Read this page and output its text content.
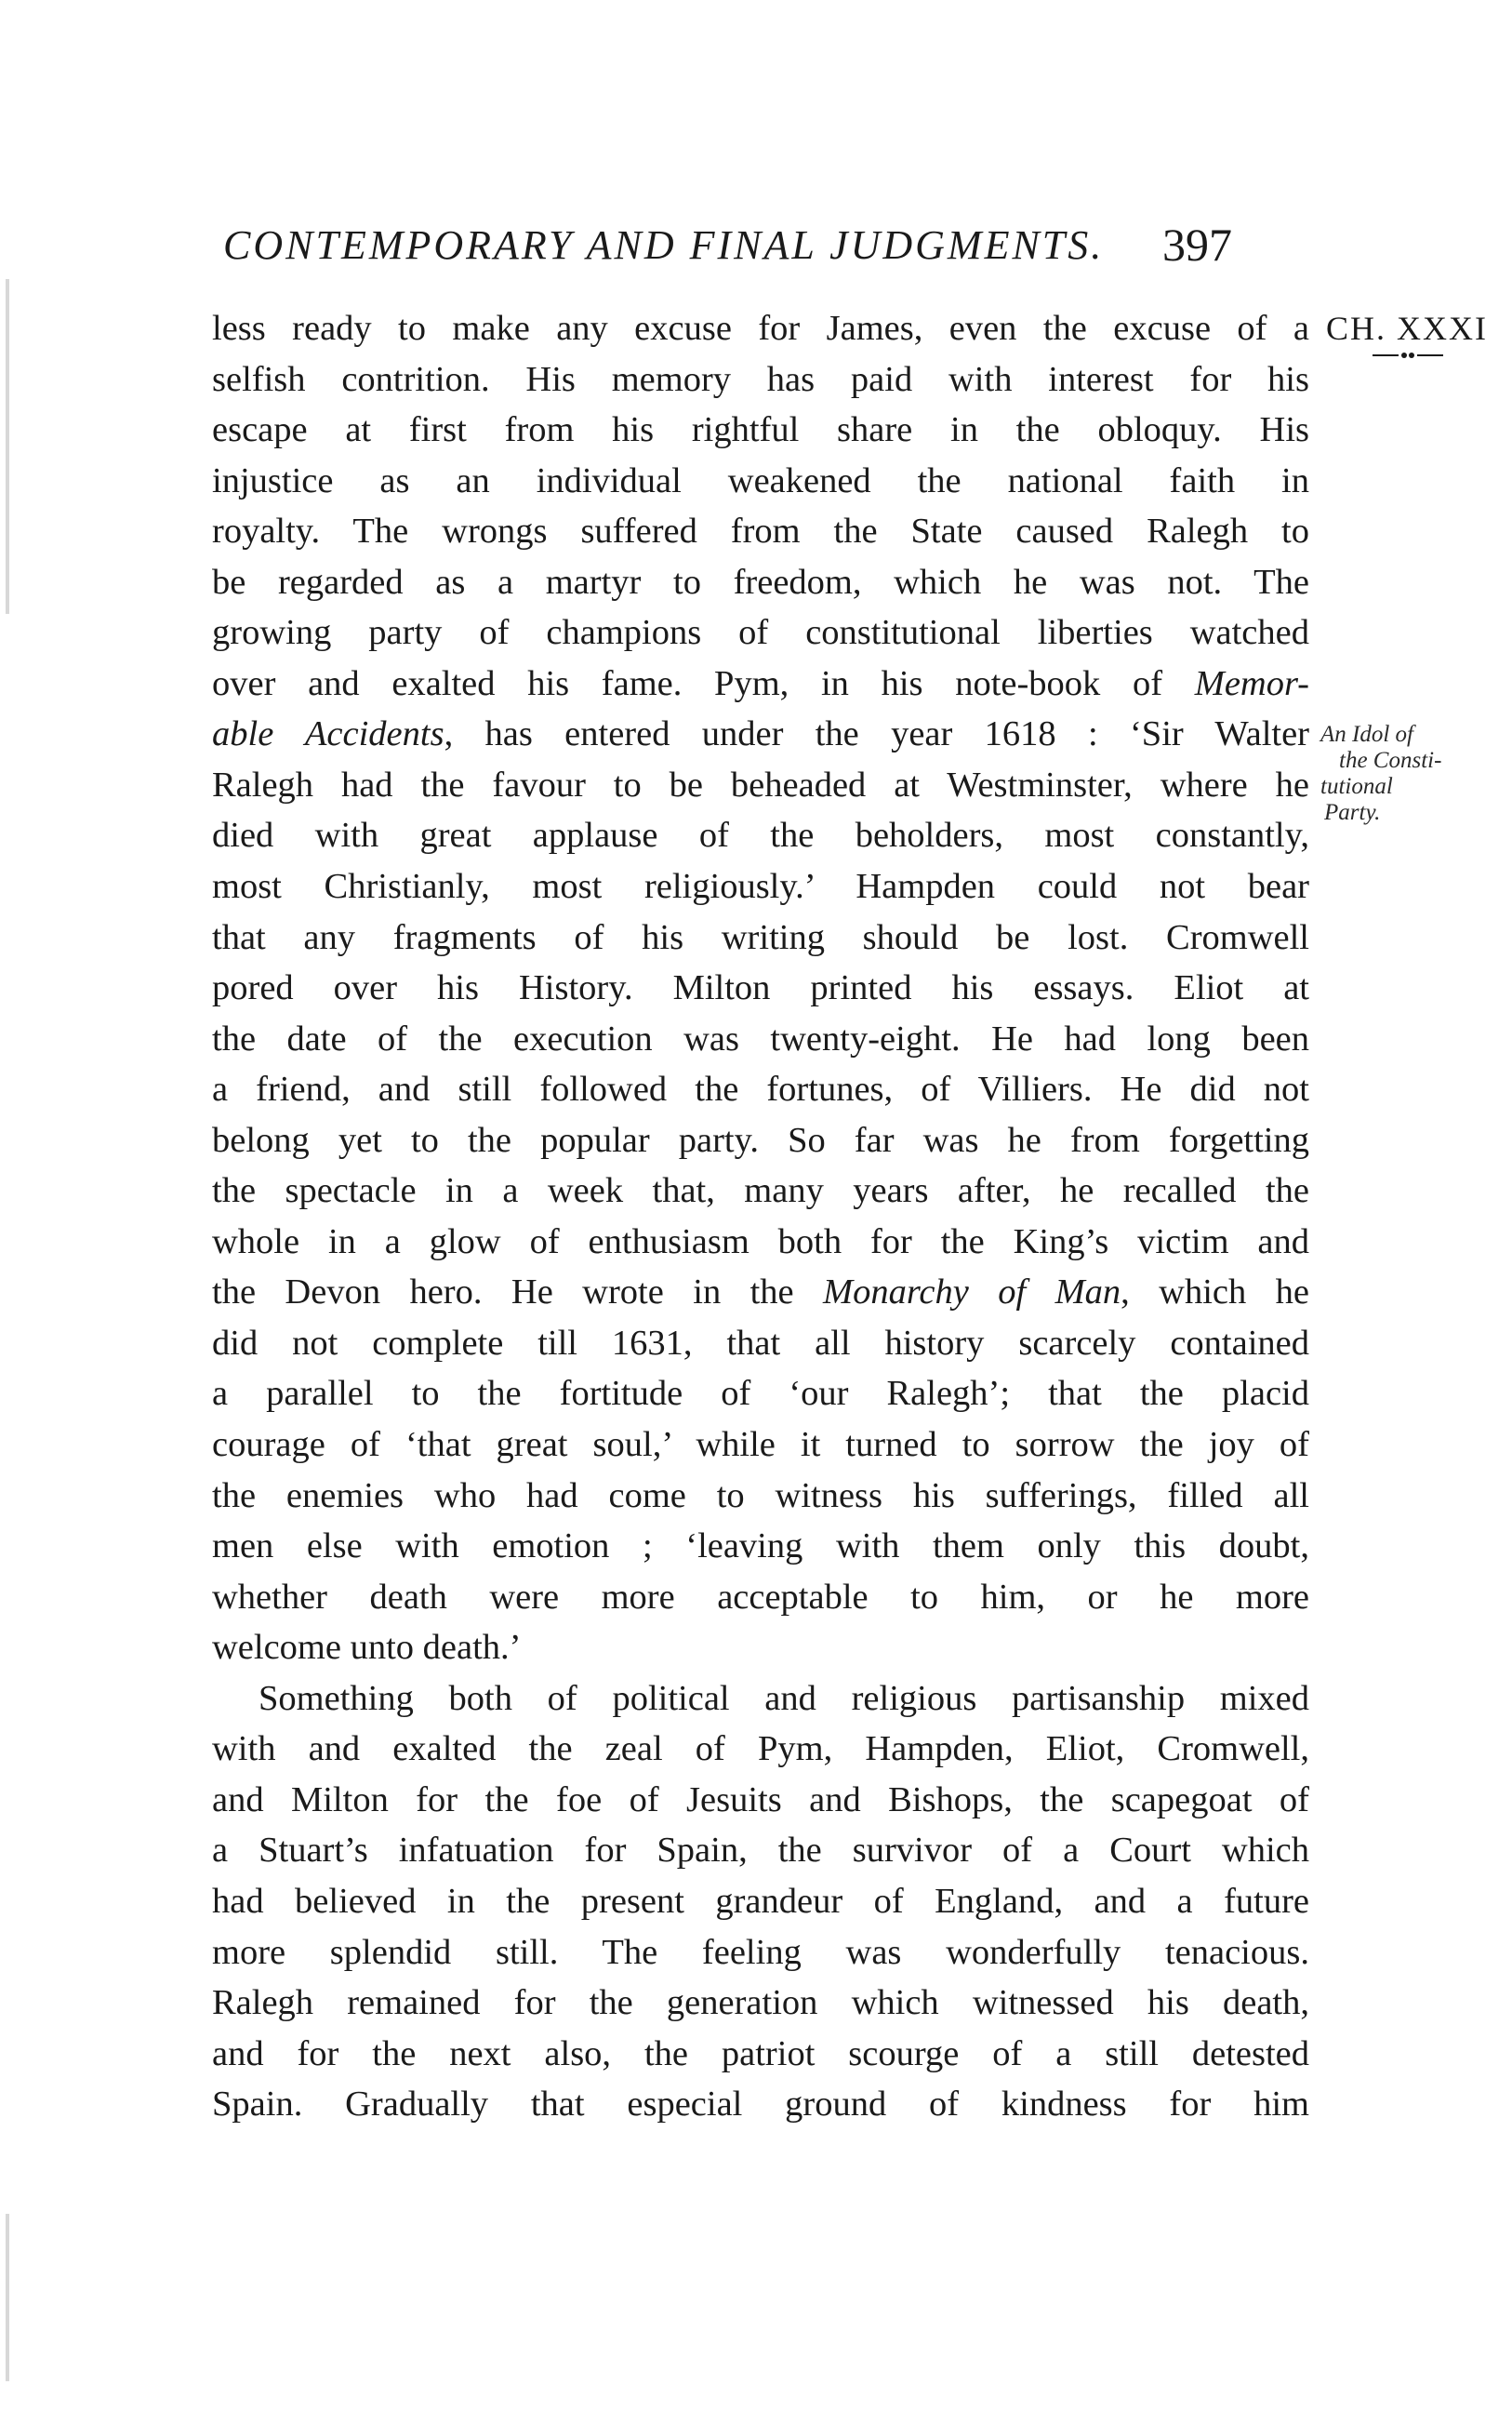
CONTEMPORARY AND FINAL JUDGMENTS. 397
CH. XXXI
An Idol of
the Consti-
tutional
Party.
less ready to make any excuse for James, even the excuse of a
selfish contrition. His memory has paid with interest for his
escape at first from his rightful share in the obloquy. His
injustice as an individual weakened the national faith in
royalty. The wrongs suffered from the State caused Ralegh to
be regarded as a martyr to freedom, which he was not. The
growing party of champions of constitutional liberties watched
over and exalted his fame. Pym, in his note-book of Memor-
able Accidents, has entered under the year 1618 : ‘Sir Walter
Ralegh had the favour to be beheaded at Westminster, where he
died with great applause of the beholders, most constantly,
most Christianly, most religiously.’ Hampden could not bear
that any fragments of his writing should be lost. Cromwell
pored over his History. Milton printed his essays. Eliot at
the date of the execution was twenty-eight. He had long been
a friend, and still followed the fortunes, of Villiers. He did not
belong yet to the popular party. So far was he from forgetting
the spectacle in a week that, many years after, he recalled the
whole in a glow of enthusiasm both for the King’s victim and
the Devon hero. He wrote in the Monarchy of Man, which he
did not complete till 1631, that all history scarcely contained
a parallel to the fortitude of ‘our Ralegh’; that the placid
courage of ‘that great soul,’ while it turned to sorrow the joy of
the enemies who had come to witness his sufferings, filled all
men else with emotion ; ‘leaving with them only this doubt,
whether death were more acceptable to him, or he more
welcome unto death.’
Something both of political and religious partisanship mixed
with and exalted the zeal of Pym, Hampden, Eliot, Cromwell,
and Milton for the foe of Jesuits and Bishops, the scapegoat of
a Stuart’s infatuation for Spain, the survivor of a Court which
had believed in the present grandeur of England, and a future
more splendid still. The feeling was wonderfully tenacious.
Ralegh remained for the generation which witnessed his death,
and for the next also, the patriot scourge of a still detested
Spain. Gradually that especial ground of kindness for him
